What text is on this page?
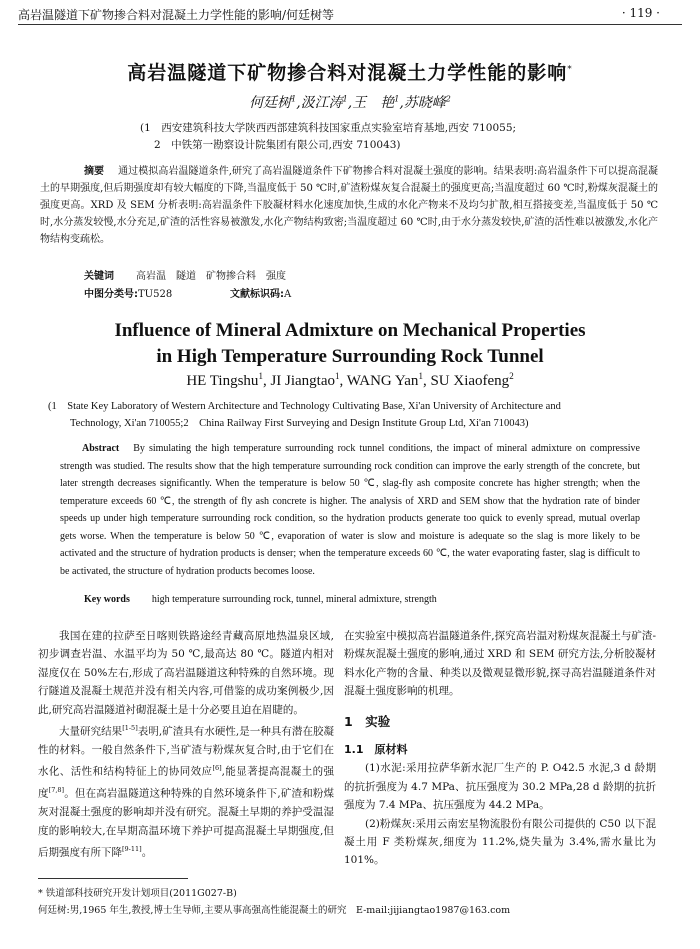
高岩温隧道下矿物掺合料对混凝土力学性能的影响/何廷树等	· 119 ·
高岩温隧道下矿物掺合料对混凝土力学性能的影响*
何廷树$^1$,汲江涛$^1$,王　艳$^1$,苏晓峰$^2$
(1　西安建筑科技大学陕西西部建筑科技国家重点实验室培育基地,西安 710055;
2　中铁第一勘察设计院集团有限公司,西安 710043)
摘要 通过模拟高岩温隧道条件,研究了高岩温隧道条件下矿物掺合料对混凝土强度的影响。结果表明:高岩温条件下可以提高混凝土的早期强度,但后期强度却有较大幅度的下降,当温度低于 50 ℃时,矿渣粉煤灰复合混凝土的强度更高;当温度超过 60 ℃时,粉煤灰混凝土的强度更高。XRD 及 SEM 分析表明:高岩温条件下胶凝材料水化速度加快,生成的水化产物来不及均匀扩散,相互搭接变差,当温度低于 50 ℃时,水分蒸发较慢,水分充足,矿渣的活性容易被激发,水化产物结构致密;当温度超过 60 ℃时,由于水分蒸发较快,矿渣的活性难以被激发,水化产物结构变疏松。
关键词 高岩温　隧道　矿物掺合料　强度
中图分类号:TU528	文献标识码:A
Influence of Mineral Admixture on Mechanical Properties
in High Temperature Surrounding Rock Tunnel
HE Tingshu$^1$, JI Jiangtao$^1$, WANG Yan$^1$, SU Xiaofeng$^2$
(1　State Key Laboratory of Western Architecture and Technology Cultivating Base, Xi'an University of Architecture and
Technology, Xi'an 710055;2　China Railway First Surveying and Design Institute Group Ltd, Xi'an 710043)
Abstract By simulating the high temperature surrounding rock tunnel conditions, the impact of mineral admixture on compressive strength was studied. The results show that the high temperature surrounding rock condition can improve the early strength of the concrete, but later strength decreases significantly. When the temperature is below 50 ℃, slag-fly ash composite concrete has higher strength; when the temperature exceeds 60 ℃, the strength of fly ash concrete is higher. The analysis of XRD and SEM show that the hydration rate of binder speeds up under high temperature surrounding rock condition, so the hydration products generate too quick to evenly spread, mutual overlap gets worse. When the temperature is below 50 ℃, evaporation of water is slow and moisture is adequate so the slag is more likely to be activated and the structure of hydration products is denser; when the temperature exceeds 60 ℃, the water evaporating faster, slag is difficult to be activated, the structure of hydration products becomes loose.
Key words high temperature surrounding rock, tunnel, mineral admixture, strength

我国在建的拉萨至日喀则铁路途经青藏高原地热温泉区域,初步调查岩温、水温平均为 50 ℃,最高达 80 ℃。隧道内相对湿度仅在 50%左右,形成了高岩温隧道这种特殊的自然环境。现行隧道及混凝土规范并没有相关内容,可借鉴的成功案例极少,因此,研究高岩温隧道衬砌混凝土是十分必要且迫在眉睫的。

大量研究结果[1-5]表明,矿渣具有水硬性,是一种具有潜在胶凝性的材料。一般自然条件下,当矿渣与粉煤灰复合时,由于它们在水化、活性和结构特征上的协同效应[6],能显著提高混凝土的强度[7,8]。但在高岩温隧道这种特殊的自然环境条件下,矿渣和粉煤灰对混凝土强度的影响却并没有研究。混凝土早期的养护受温湿度的影响较大,在早期高温环境下养护可提高混凝土早期强度,但后期强度有所下降[9-11]。

在实验室中模拟高岩温隧道条件,探究高岩温对粉煤灰混凝土与矿渣-粉煤灰混凝土强度的影响,通过 XRD 和 SEM 研究方法,分析胶凝材料水化产物的含量、种类以及微观显微形貌,探寻高岩温隧道条件对混凝土强度影响的机理。

1　实验
1.1　原材料

(1)水泥:采用拉萨华新水泥厂生产的 P. O42.5 水泥,3 d 龄期的抗折强度为 4.7 MPa、抗压强度为 30.2 MPa,28 d 龄期的抗折强度为 7.4 MPa、抗压强度为 44.2 MPa。

(2)粉煤灰:采用云南宏星物流股份有限公司提供的 C50 以下混凝土用 F 类粉煤灰,细度为 11.2%,烧失量为 3.4%,需水量比为 101%。

* 铁道部科技研究开发计划项目(2011G027-B)
何廷树:男,1965 年生,教授,博士生导师,主要从事高强高性能混凝土的研究　E-mail:jijiangtao1987@163.com
